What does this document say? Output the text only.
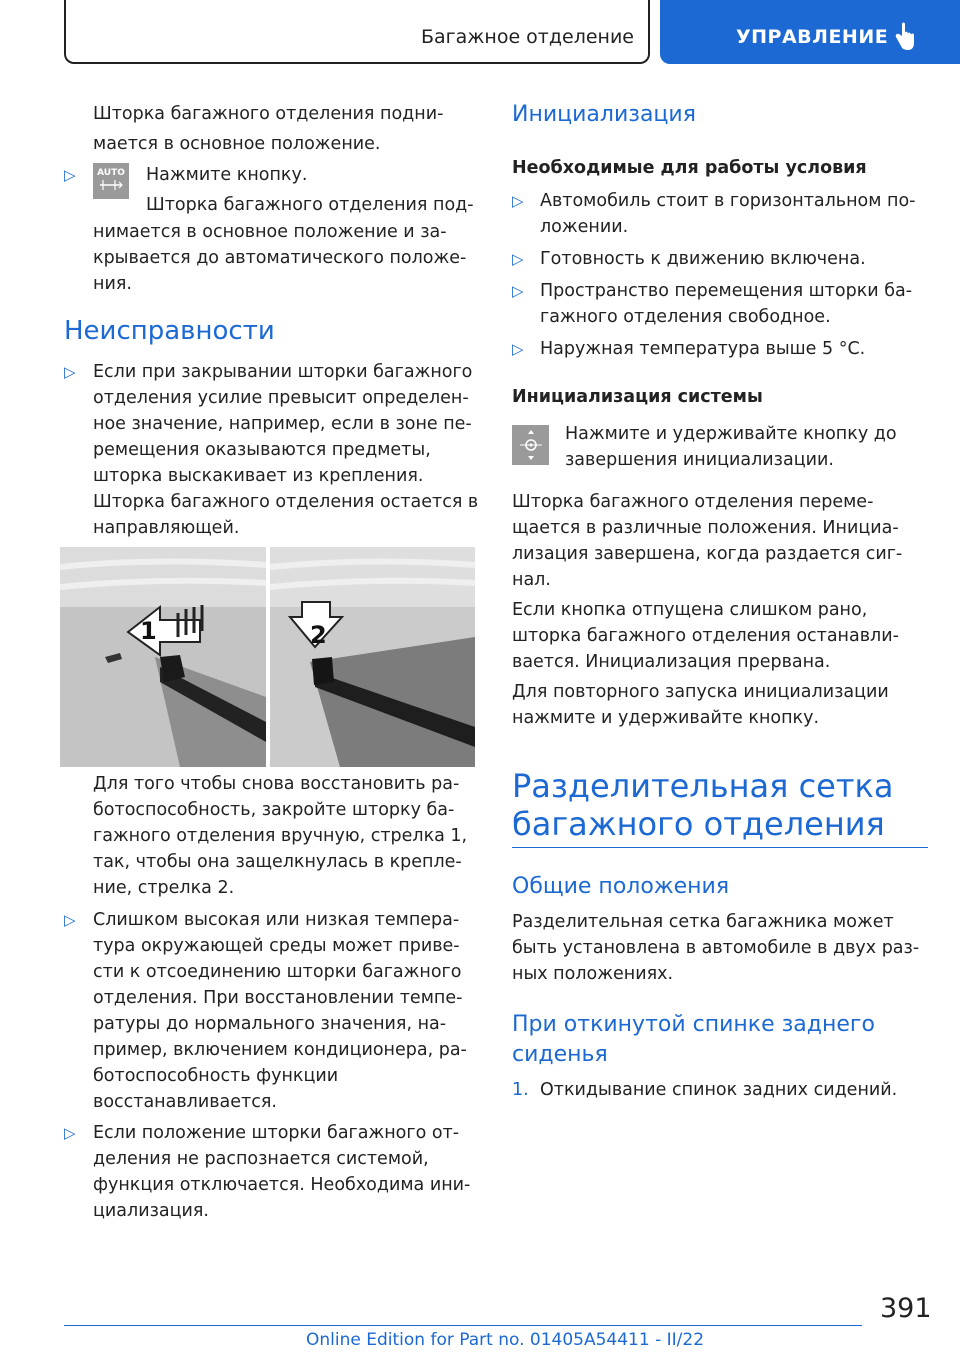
Багажное отделение	УПРАВЛЕНИЕ
Шторка багажного отделения подни-
мается в основное положение.
▷ AUTO Нажмите кнопку.
Шторка багажного отделения под-
нимается в основное положение и за-
крывается до автоматического положе-
ния.
Неисправности
▷ Если при закрывании шторки багажного
отделения усилие превысит определен-
ное значение, например, если в зоне пе-
ремещения оказываются предметы,
шторка выскакивает из крепления.
Шторка багажного отделения остается в
направляющей.
1	2
Для того чтобы снова восстановить ра-
ботоспособность, закройте шторку ба-
гажного отделения вручную, стрелка 1,
так, чтобы она защелкнулась в крепле-
ние, стрелка 2.
▷ Слишком высокая или низкая темпера-
тура окружающей среды может приве-
сти к отсоединению шторки багажного
отделения. При восстановлении темпе-
ратуры до нормального значения, на-
пример, включением кондиционера, ра-
ботоспособность функции
восстанавливается.
▷ Если положение шторки багажного от-
деления не распознается системой,
функция отключается. Необходима ини-
циализация.
Инициализация
Необходимые для работы условия
▷ Автомобиль стоит в горизонтальном по-
ложении.
▷ Готовность к движению включена.
▷ Пространство перемещения шторки ба-
гажного отделения свободное.
▷ Наружная температура выше 5 °C.
Инициализация системы
Нажмите и удерживайте кнопку до
завершения инициализации.
Шторка багажного отделения переме-
щается в различные положения. Инициа-
лизация завершена, когда раздается сиг-
нал.
Если кнопка отпущена слишком рано,
шторка багажного отделения останавли-
вается. Инициализация прервана.
Для повторного запуска инициализации
нажмите и удерживайте кнопку.
Разделительная сетка
багажного отделения
Общие положения
Разделительная сетка багажника может
быть установлена в автомобиле в двух раз-
ных положениях.
При откинутой спинке заднего
сиденья
1. Откидывание спинок задних сидений.
391
Online Edition for Part no. 01405A54411 - II/22
